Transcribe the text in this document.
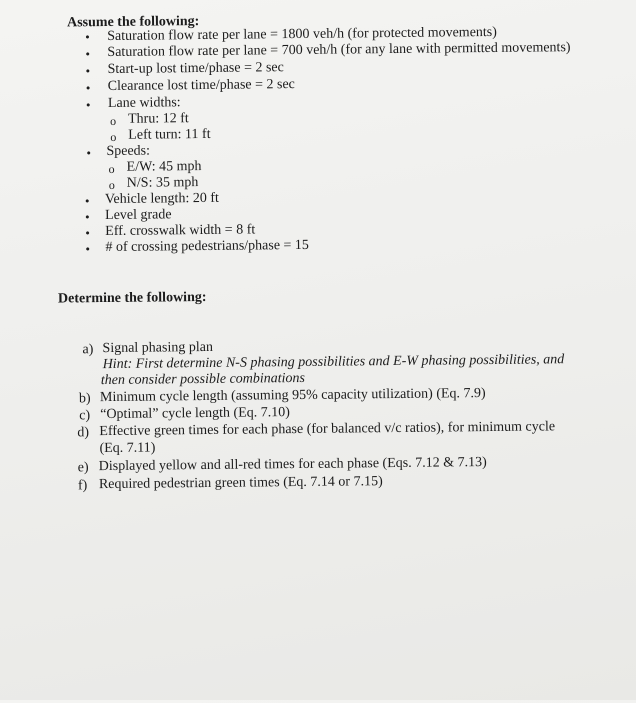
Assume the following:
• Saturation flow rate per lane = 1800 veh/h (for protected movements)
• Saturation flow rate per lane = 700 veh/h (for any lane with permitted movements)
• Start-up lost time/phase = 2 sec
• Clearance lost time/phase = 2 sec
• Lane widths:
o Thru: 12 ft
o Left turn: 11 ft
• Speeds:
o E/W: 45 mph
o N/S: 35 mph
• Vehicle length: 20 ft
• Level grade
• Eff. crosswalk width = 8 ft
• # of crossing pedestrians/phase = 15
Determine the following:
a) Signal phasing plan
Hint: First determine N-S phasing possibilities and E-W phasing possibilities, and
then consider possible combinations
b) Minimum cycle length (assuming 95% capacity utilization) (Eq. 7.9)
c) “Optimal” cycle length (Eq. 7.10)
d) Effective green times for each phase (for balanced v/c ratios), for minimum cycle
(Eq. 7.11)
e) Displayed yellow and all-red times for each phase (Eqs. 7.12 & 7.13)
f) Required pedestrian green times (Eq. 7.14 or 7.15)
